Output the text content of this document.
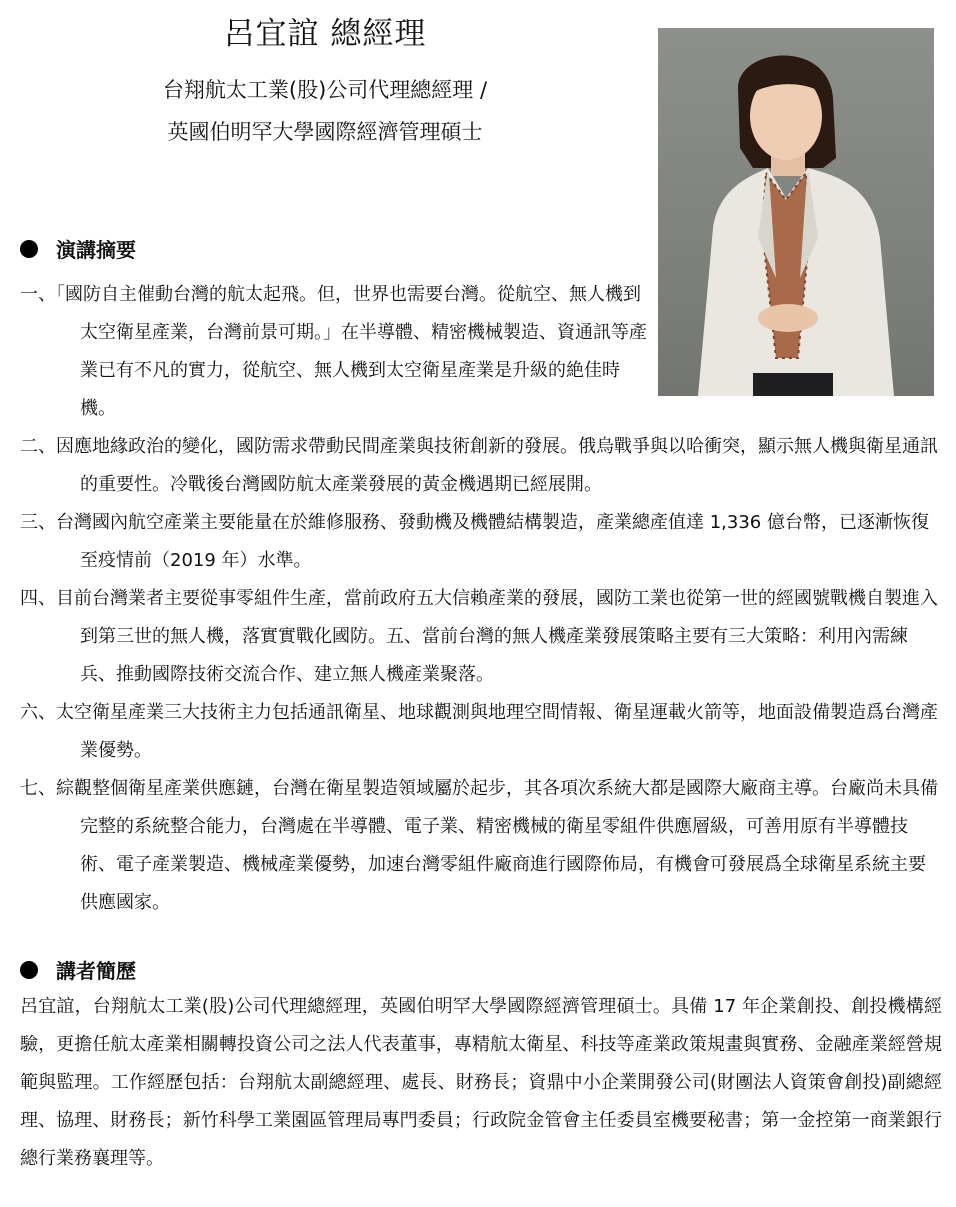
呂宜誼 總經理
台翔航太工業(股)公司代理總經理 /
英國伯明罕大學國際經濟管理碩士
演講摘要

一、「國防自主催動台灣的航太起飛。但，世界也需要台灣。從航空、無人機到太空衛星產業，台灣前景可期。」在半導體、精密機械製造、資通訊等產業已有不凡的實力，從航空、無人機到太空衛星產業是升級的絶佳時機。

二、因應地緣政治的變化，國防需求帶動民間產業與技術創新的發展。俄烏戰爭與以哈衝突，顯示無人機與衛星通訊的重要性。冷戰後台灣國防航太產業發展的黃金機遇期已經展開。

三、台灣國內航空產業主要能量在於維修服務、發動機及機體結構製造，產業總產值達 1,336 億台幣，已逐漸恢復至疫情前（2019 年）水準。

四、目前台灣業者主要從事零組件生產，當前政府五大信賴產業的發展，國防工業也從第一世的經國號戰機自製進入到第三世的無人機，落實實戰化國防。五、當前台灣的無人機產業發展策略主要有三大策略：利用內需練兵、推動國際技術交流合作、建立無人機產業聚落。

六、太空衛星產業三大技術主力包括通訊衛星、地球觀測與地理空間情報、衛星運載火箭等，地面設備製造爲台灣產業優勢。

七、綜觀整個衛星產業供應鏈，台灣在衛星製造領域屬於起步，其各項次系統大都是國際大廠商主導。台廠尚未具備完整的系統整合能力，台灣處在半導體、電子業、精密機械的衛星零組件供應層級，可善用原有半導體技術、電子產業製造、機械產業優勢，加速台灣零組件廠商進行國際佈局，有機會可發展爲全球衛星系統主要供應國家。

講者簡歷

呂宜誼，台翔航太工業(股)公司代理總經理，英國伯明罕大學國際經濟管理碩士。具備 17 年企業創投、創投機構經驗，更擔任航太產業相關轉投資公司之法人代表董事，專精航太衛星、科技等產業政策規畫與實務、金融產業經營規範與監理。工作經歷包括：台翔航太副總經理、處長、財務長；資鼎中小企業開發公司(財團法人資策會創投)副總經理、協理、財務長；新竹科學工業園區管理局專門委員；行政院金管會主任委員室機要秘書；第一金控第一商業銀行總行業務襄理等。
